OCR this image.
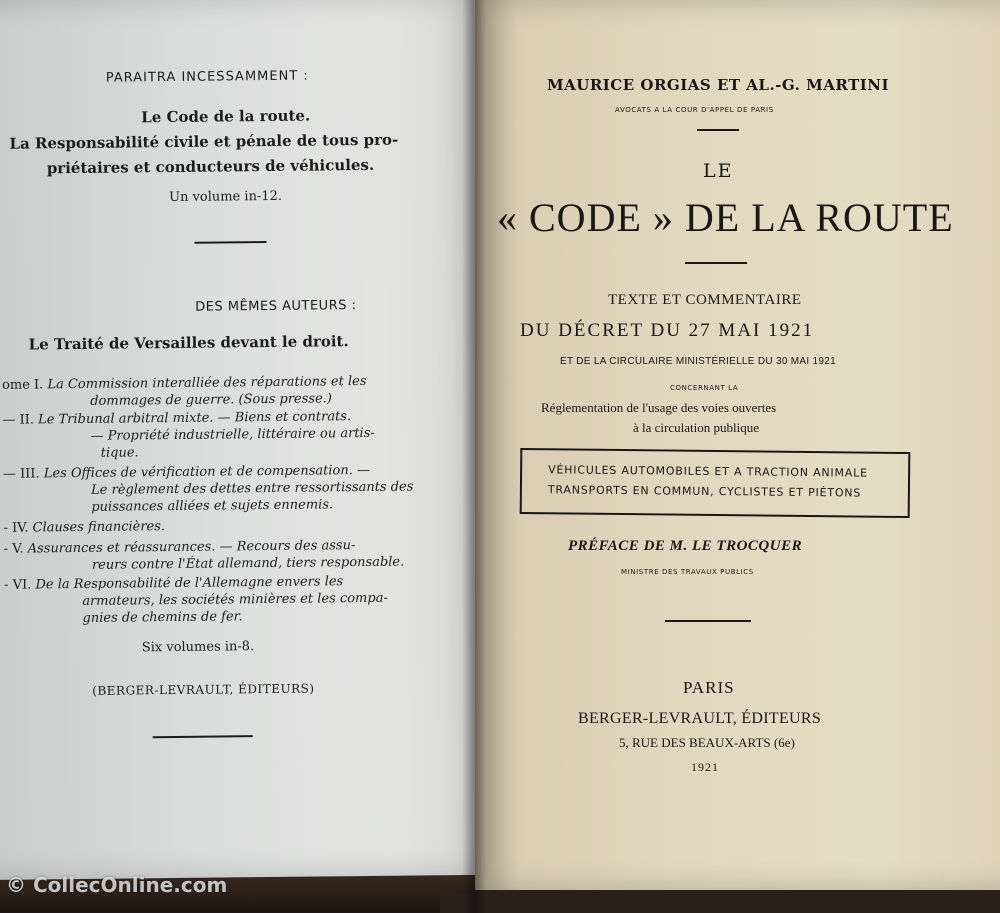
PARAITRA INCESSAMMENT :
Le Code de la route.
La Responsabilité civile et pénale de tous pro-
priétaires et conducteurs de véhicules.
Un volume in-12.
DES MÊMES AUTEURS :
Le Traité de Versailles devant le droit.
ome I. La Commission interalliée des réparations et les
dommages de guerre. (Sous presse.)
— II. Le Tribunal arbitral mixte. — Biens et contrats.
— Propriété industrielle, littéraire ou artis-
tique.
— III. Les Offices de vérification et de compensation. —
Le règlement des dettes entre ressortissants des
puissances alliées et sujets ennemis.
- IV. Clauses financières.
- V. Assurances et réassurances. — Recours des assu-
reurs contre l'État allemand, tiers responsable.
- VI. De la Responsabilité de l'Allemagne envers les
armateurs, les sociétés minières et les compa-
gnies de chemins de fer.
Six volumes in-8.
(BERGER-LEVRAULT, ÉDITEURS)
MAURICE ORGIAS ET AL.-G. MARTINI
AVOCATS A LA COUR D'APPEL DE PARIS
LE
« CODE » DE LA ROUTE
TEXTE ET COMMENTAIRE
DU DÉCRET DU 27 MAI 1921
ET DE LA CIRCULAIRE MINISTÉRIELLE DU 30 MAI 1921
CONCERNANT LA
Réglementation de l'usage des voies ouvertes
à la circulation publique
VÉHICULES AUTOMOBILES ET A TRACTION ANIMALE
TRANSPORTS EN COMMUN, CYCLISTES ET PIÉTONS
PRÉFACE DE M. LE TROCQUER
MINISTRE DES TRAVAUX PUBLICS
PARIS
BERGER-LEVRAULT, ÉDITEURS
5, RUE DES BEAUX-ARTS (6e)
1921
© CollecOnline.com
